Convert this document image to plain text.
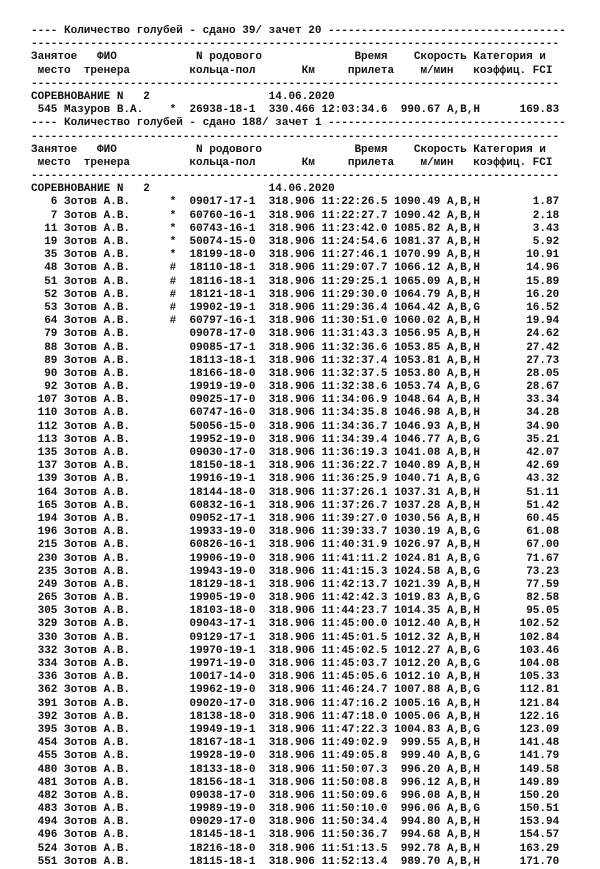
---- Количество голубей - сдано 39/ зачет 20 ------------------------------------
--------------------------------------------------------------------------------
Занятое   ФИО            N родового              Время    Скорость Категория и
место  тренера         кольца-пол       Км     прилета    м/мин   коэффиц. FCI
--------------------------------------------------------------------------------
СОРЕВНОВАНИЕ N   2	14.06.2020
545 Мазуров В.А.    * 26938-18-1 330.466 12:03:34.6  990.67 A,B,H      169.83
---- Количество голубей - сдано 188/ зачет 1 ------------------------------------
--------------------------------------------------------------------------------
Занятое   ФИО            N родового              Время    Скорость Категория и
место  тренера         кольца-пол       Км     прилета    м/мин   коэффиц. FCI
--------------------------------------------------------------------------------
СОРЕВНОВАНИЕ N   2	14.06.2020
6 Зотов А.В.      * 09017-17-1 318.906 11:22:26.5 1090.49 A,B,H        1.87
7 Зотов А.В.      * 60760-16-1 318.906 11:22:27.7 1090.42 A,B,H        2.18
11 Зотов А.В.      * 60743-16-1 318.906 11:23:42.0 1085.82 A,B,H        3.43
19 Зотов А.В.      * 50074-15-0 318.906 11:24:54.6 1081.37 A,B,H        5.92
35 Зотов А.В.      * 18199-18-0 318.906 11:27:46.1 1070.99 A,B,H       10.91
48 Зотов А.В.      # 18110-18-1 318.906 11:29:07.7 1066.12 A,B,H       14.96
51 Зотов А.В.      # 18116-18-1 318.906 11:29:25.1 1065.09 A,B,H       15.89
52 Зотов А.В.      # 18121-18-1 318.906 11:29:30.0 1064.79 A,B,H       16.20
53 Зотов А.В.      # 19902-19-1 318.906 11:29:36.4 1064.42 A,B,G       16.52
64 Зотов А.В.      # 60797-16-1 318.906 11:30:51.0 1060.02 A,B,H       19.94
79 Зотов А.В.         09078-17-0 318.906 11:31:43.3 1056.95 A,B,H       24.62
88 Зотов А.В.         09085-17-1 318.906 11:32:36.6 1053.85 A,B,H       27.42
89 Зотов А.В.         18113-18-1 318.906 11:32:37.4 1053.81 A,B,H       27.73
90 Зотов А.В.         18166-18-0 318.906 11:32:37.5 1053.80 A,B,H       28.05
92 Зотов А.В.         19919-19-0 318.906 11:32:38.6 1053.74 A,B,G       28.67
107 Зотов А.В.         09025-17-0 318.906 11:34:06.9 1048.64 A,B,H       33.34
110 Зотов А.В.         60747-16-0 318.906 11:34:35.8 1046.98 A,B,H       34.28
112 Зотов А.В.         50056-15-0 318.906 11:34:36.7 1046.93 A,B,H       34.90
113 Зотов А.В.         19952-19-0 318.906 11:34:39.4 1046.77 A,B,G       35.21
135 Зотов А.В.         09030-17-0 318.906 11:36:19.3 1041.08 A,B,H       42.07
137 Зотов А.В.         18150-18-1 318.906 11:36:22.7 1040.89 A,B,H       42.69
139 Зотов А.В.         19916-19-1 318.906 11:36:25.9 1040.71 A,B,G       43.32
164 Зотов А.В.         18144-18-0 318.906 11:37:26.1 1037.31 A,B,H       51.11
165 Зотов А.В.         60832-16-1 318.906 11:37:26.7 1037.28 A,B,H       51.42
194 Зотов А.В.         09052-17-1 318.906 11:39:27.0 1030.56 A,B,H       60.45
196 Зотов А.В.         19933-19-0 318.906 11:39:33.7 1030.19 A,B,G       61.08
215 Зотов А.В.         60826-16-1 318.906 11:40:31.9 1026.97 A,B,H       67.00
230 Зотов А.В.         19906-19-0 318.906 11:41:11.2 1024.81 A,B,G       71.67
235 Зотов А.В.         19943-19-0 318.906 11:41:15.3 1024.58 A,B,G       73.23
249 Зотов А.В.         18129-18-1 318.906 11:42:13.7 1021.39 A,B,H       77.59
265 Зотов А.В.         19905-19-0 318.906 11:42:42.3 1019.83 A,B,G       82.58
305 Зотов А.В.         18103-18-0 318.906 11:44:23.7 1014.35 A,B,H       95.05
329 Зотов А.В.         09043-17-1 318.906 11:45:00.0 1012.40 A,B,H      102.52
330 Зотов А.В.         09129-17-1 318.906 11:45:01.5 1012.32 A,B,H      102.84
332 Зотов А.В.         19970-19-1 318.906 11:45:02.5 1012.27 A,B,G      103.46
334 Зотов А.В.         19971-19-0 318.906 11:45:03.7 1012.20 A,B,G      104.08
336 Зотов А.В.         10017-14-0 318.906 11:45:05.6 1012.10 A,B,H      105.33
362 Зотов А.В.         19962-19-0 318.906 11:46:24.7 1007.88 A,B,G      112.81
391 Зотов А.В.         09020-17-0 318.906 11:47:16.2 1005.16 A,B,H      121.84
392 Зотов А.В.         18138-18-0 318.906 11:47:18.0 1005.06 A,B,H      122.16
395 Зотов А.В.         19949-19-1 318.906 11:47:22.3 1004.83 A,B,G      123.09
454 Зотов А.В.         18167-18-1 318.906 11:49:02.9  999.55 A,B,H      141.48
455 Зотов А.В.         19928-19-0 318.906 11:49:05.8  999.40 A,B,G      141.79
480 Зотов А.В.         18133-18-0 318.906 11:50:07.3  996.20 A,B,H      149.58
481 Зотов А.В.         18156-18-1 318.906 11:50:08.8  996.12 A,B,H      149.89
482 Зотов А.В.         09038-17-0 318.906 11:50:09.6  996.08 A,B,H      150.20
483 Зотов А.В.         19989-19-0 318.906 11:50:10.0  996.06 A,B,G      150.51
494 Зотов А.В.         09029-17-0 318.906 11:50:34.4  994.80 A,B,H      153.94
496 Зотов А.В.         18145-18-1 318.906 11:50:36.7  994.68 A,B,H      154.57
524 Зотов А.В.         18216-18-0 318.906 11:51:13.5  992.78 A,B,H      163.29
551 Зотов А.В.         18115-18-1 318.906 11:52:13.4  989.70 A,B,H      171.70
